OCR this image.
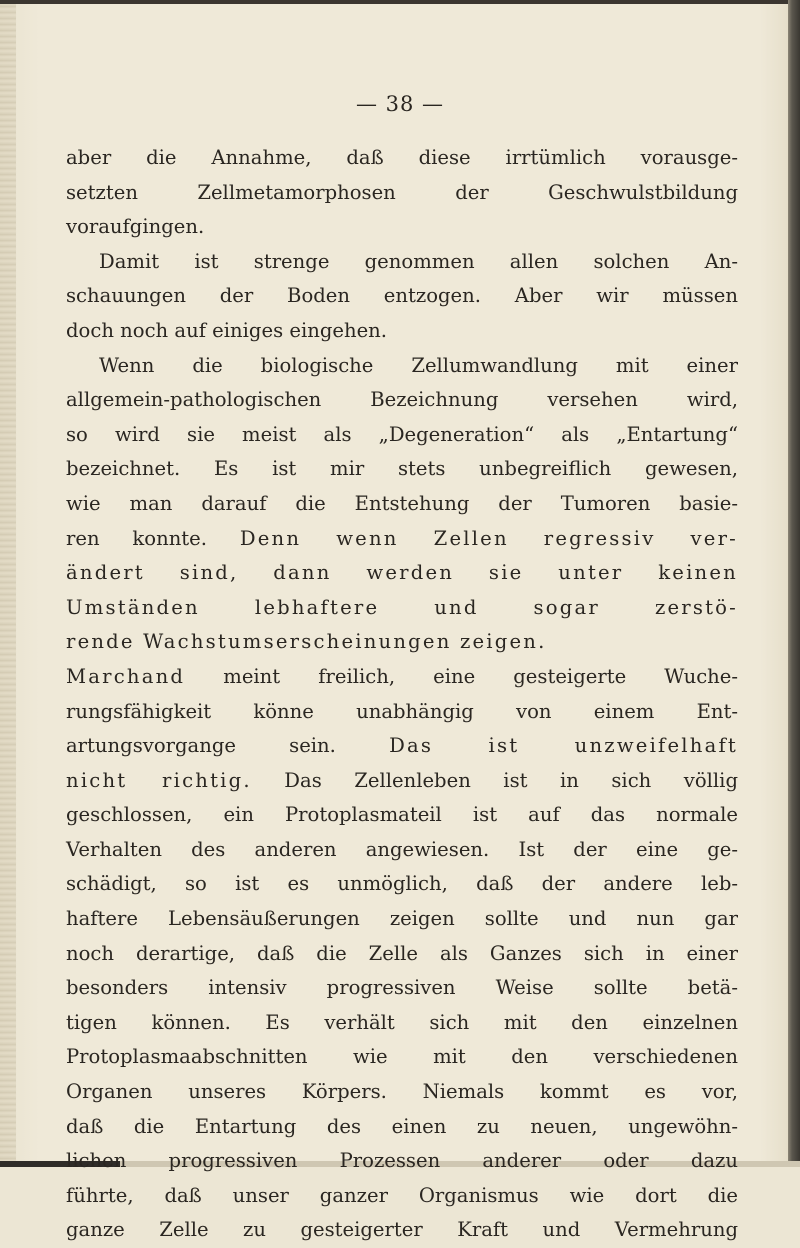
— 38 —
aber die Annahme, daß diese irrtümlich vorausge-
setzten Zellmetamorphosen der Geschwulstbildung
voraufgingen.
Damit ist strenge genommen allen solchen An-
schauungen der Boden entzogen. Aber wir müssen
doch noch auf einiges eingehen.
Wenn die biologische Zellumwandlung mit einer
allgemein-pathologischen Bezeichnung versehen wird,
so wird sie meist als „Degeneration“ als „Entartung“
bezeichnet. Es ist mir stets unbegreiflich gewesen,
wie man darauf die Entstehung der Tumoren basie-
ren konnte. Denn wenn Zellen regressiv ver-
ändert sind, dann werden sie unter keinen
Umständen lebhaftere und sogar zerstö-
rende Wachstumserscheinungen zeigen.
Marchand meint freilich, eine gesteigerte Wuche-
rungsfähigkeit könne unabhängig von einem Ent-
artungsvorgange sein.	Das ist unzweifelhaft
nicht richtig. Das Zellenleben ist in sich völlig
geschlossen, ein Protoplasmateil ist auf das normale
Verhalten des anderen angewiesen. Ist der eine ge-
schädigt, so ist es unmöglich, daß der andere leb-
haftere Lebensäußerungen zeigen sollte und nun gar
noch derartige, daß die Zelle als Ganzes sich in einer
besonders intensiv progressiven Weise sollte betä-
tigen können. Es verhält sich mit den einzelnen
Protoplasmaabschnitten wie mit den verschiedenen
Organen unseres Körpers. Niemals kommt es vor,
daß die Entartung des einen zu neuen, ungewöhn-
lichen progressiven Prozessen anderer oder dazu
führte, daß unser ganzer Organismus wie dort die
ganze Zelle zu gesteigerter Kraft und Vermehrung
